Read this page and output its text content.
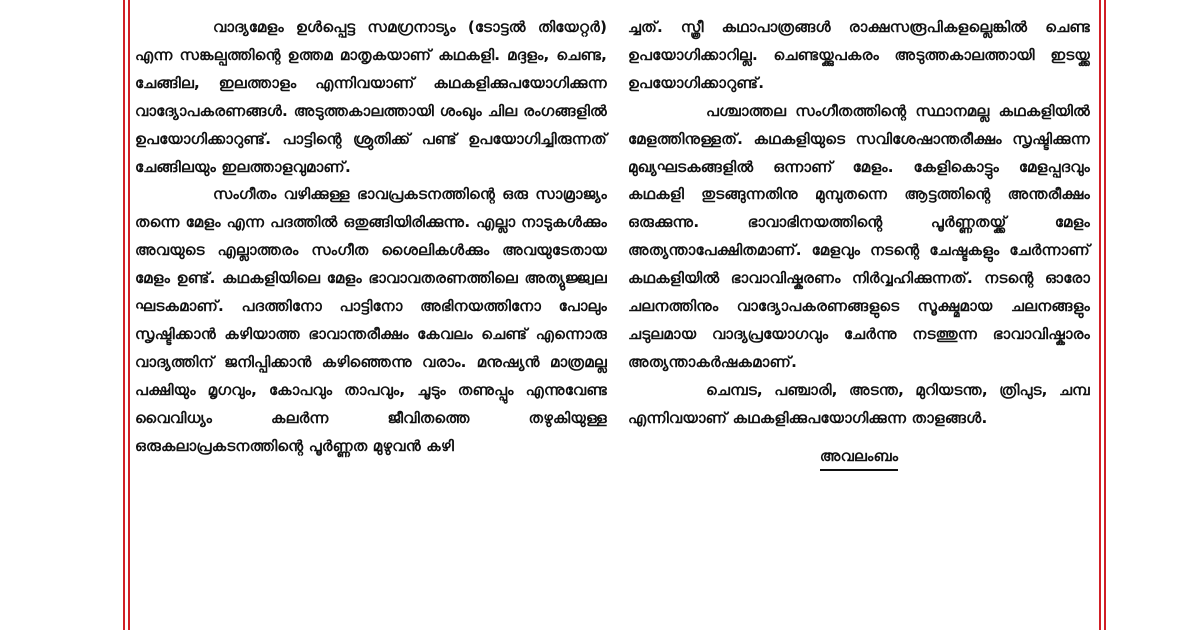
വാദ്യമേളം ഉൾപ്പെട്ട സമഗ്രനാട്യം (ടോട്ടൽ തിയേറ്റർ) എന്ന സങ്കല്പത്തിന്റെ ഉത്തമ മാതൃകയാണ് കഥകളി. മദ്ദളം, ചെണ്ട, ചേങ്ങില, ഇലത്താളം എന്നിവയാണ് കഥകളിക്കുപയോഗിക്കുന്ന വാദ്യോപകരണങ്ങൾ. അടുത്തകാലത്തായി ശംഖും ചില രംഗങ്ങളിൽ ഉപയോഗിക്കാറുണ്ട്. പാട്ടിന്റെ ശ്രുതിക്ക് പണ്ട് ഉപയോഗിച്ചിരുന്നത് ചേങ്ങിലയും ഇലത്താളവുമാണ്.

സംഗീതം വഴിക്കുള്ള ഭാവപ്രകടനത്തിന്റെ ഒരു സാമ്രാജ്യം തന്നെ മേളം എന്ന പദത്തിൽ ഒതുങ്ങിയിരിക്കുന്നു. എല്ലാ നാടുകൾക്കും അവയുടെ എല്ലാത്തരം സംഗീത ശൈലികൾക്കും അവയുടേതായ മേളം ഉണ്ട്. കഥകളിയിലെ മേളം ഭാവാവതരണത്തിലെ അത്യുജ്ജ്വല ഘടകമാണ്. പദത്തിനോ പാട്ടിനോ അഭിനയത്തിനോ പോലും സൃഷ്ടിക്കാൻ കഴിയാത്ത ഭാവാന്തരീക്ഷം കേവലം ചെണ്ട് എന്നൊരു വാദ്യത്തിന് ജനിപ്പിക്കാൻ കഴിഞ്ഞെന്നു വരാം. മനുഷ്യൻ മാത്രമല്ല പക്ഷിയും മൃഗവും, കോപവും താപവും, ചൂടും തണുപ്പും എന്നുവേണ്ട വൈവിധ്യം കലർന്ന ജീവിതത്തെ തഴുകിയുള്ള ഒരുകലാപ്രകടനത്തിന്റെ പൂർണ്ണത മുഴുവൻ കഴി

ച്ചത്. സ്ത്രീ കഥാപാത്രങ്ങൾ രാക്ഷസരൂപികളല്ലെങ്കിൽ ചെണ്ട ഉപയോഗിക്കാറില്ല. ചെണ്ടയ്ക്കുപകരം അടുത്തകാലത്തായി ഇടയ്ക്ക ഉപയോഗിക്കാറുണ്ട്.

പശ്ചാത്തല സംഗീതത്തിന്റെ സ്ഥാനമല്ല കഥകളിയിൽ മേളത്തിനുള്ളത്. കഥകളിയുടെ സവിശേഷാന്തരീക്ഷം സൃഷ്ടിക്കുന്ന മുഖ്യഘടകങ്ങളിൽ ഒന്നാണ് മേളം. കേളികൊട്ടും മേളപ്പദവും കഥകളി തുടങ്ങുന്നതിനു മുമ്പുതന്നെ ആട്ടത്തിന്റെ അന്തരീക്ഷം ഒരുക്കുന്നു. ഭാവാഭിനയത്തിന്റെ പൂർണ്ണതയ്ക്ക് മേളം അത്യന്താപേക്ഷിതമാണ്. മേളവും നടന്റെ ചേഷ്ടകളും ചേർന്നാണ് കഥകളിയിൽ ഭാവാവിഷ്കരണം നിർവ്വഹിക്കുന്നത്. നടന്റെ ഓരോ ചലനത്തിനും വാദ്യോപകരണങ്ങളുടെ സൂക്ഷ്മമായ ചലനങ്ങളും ചടുലമായ വാദ്യപ്രയോഗവും ചേർന്നു നടത്തുന്ന ഭാവാവിഷ്കാരം അത്യന്താകർഷകമാണ്.

ചെമ്പട, പഞ്ചാരി, അടന്ത, മുറിയടന്ത, ത്രിപുട, ചമ്പ എന്നിവയാണ് കഥകളിക്കുപയോഗിക്കുന്ന താളങ്ങൾ.

അവലംബം
